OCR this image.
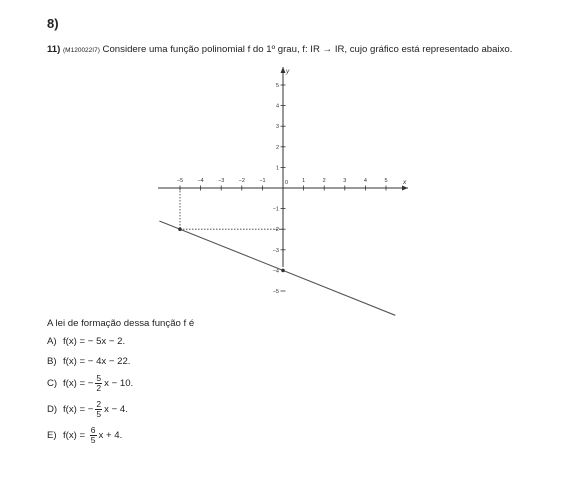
8)
11) (M120022I7) Considere uma função polinomial f do 1º grau, f: IR → IR, cujo gráfico está representado abaixo.
x
y
−5	−4	−3	−2	−1	1	2	3	4	5
0
−5
−3
−2
−1
1
2
3
4
5
−4
A lei de formação dessa função f é
A) f(x) =
− 5x − 2.
B) f(x) =
− 4x − 22.
C) f(x) =
− $\frac{5}{2}$ x − 10.
D) f(x) =
− $\frac{2}{5}$ x − 4.
E) f(x) =
$\frac{6}{5}$ x + 4.
